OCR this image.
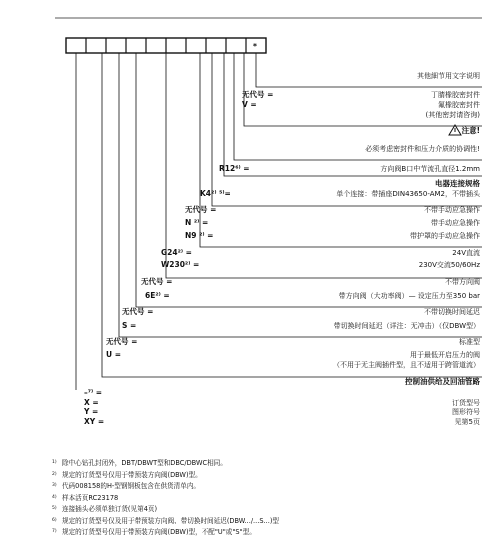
*
其他細节用文字说明
无代号 =	丁腈橡胶密封件
V =	氟橡胶密封件
(其他密封请咨询)
注意!
必须考虑密封件和压力介质的协调性!
R12⁶⁾ =	方向阀B口中节流孔直径1.2mm
电器连接规格
K4²⁾ ⁵⁾=	单个连接：带插座DIN43650-AM2，不带插头
无代号 =	不带手动应急操作
N ²⁾ =	带手动应急操作
N9 ²⁾ =	带护罩的手动应急操作
G24²⁾ =	24V直流
W230²⁾ =	230V交流50/60Hz
无代号 =	不带方向阀
6E²⁾ =	带方向阀（大功率阀）— 设定压力至350 bar
无代号 =	不带切换时间延迟
S =	带切换时间延迟（详注：无冲击）（仅DBW型）
无代号 =	标准型
U =	用于最低开启压力的阀
（不用于无主阀插件型，且不适用于跨管道流）
控制油供给及回油管路
–⁷⁾ =
X =	订货型号
Y =	图形符号
XY =	见第5页
$^{1)}$ 除中心钻孔封闭外，DBT/DBWT型和DBC/DBWC相同。
$^{2)}$ 规定的订货型号仅用于带预装方向阀(DBW)型。
$^{3)}$ 代码008158的H-型钢钢板包含在供货清单内。
$^{4)}$ 样本活页RC23178
$^{5)}$ 连接插头必须单独订货(见第4页)
$^{6)}$ 规定的订货型号仅及用于带预装方向阀、带切换时间延迟(DBW.../...S...)型
$^{7)}$ 规定的订货型号仅用于带预装方向阀(DBW)型，不配"U"或"S"型。
